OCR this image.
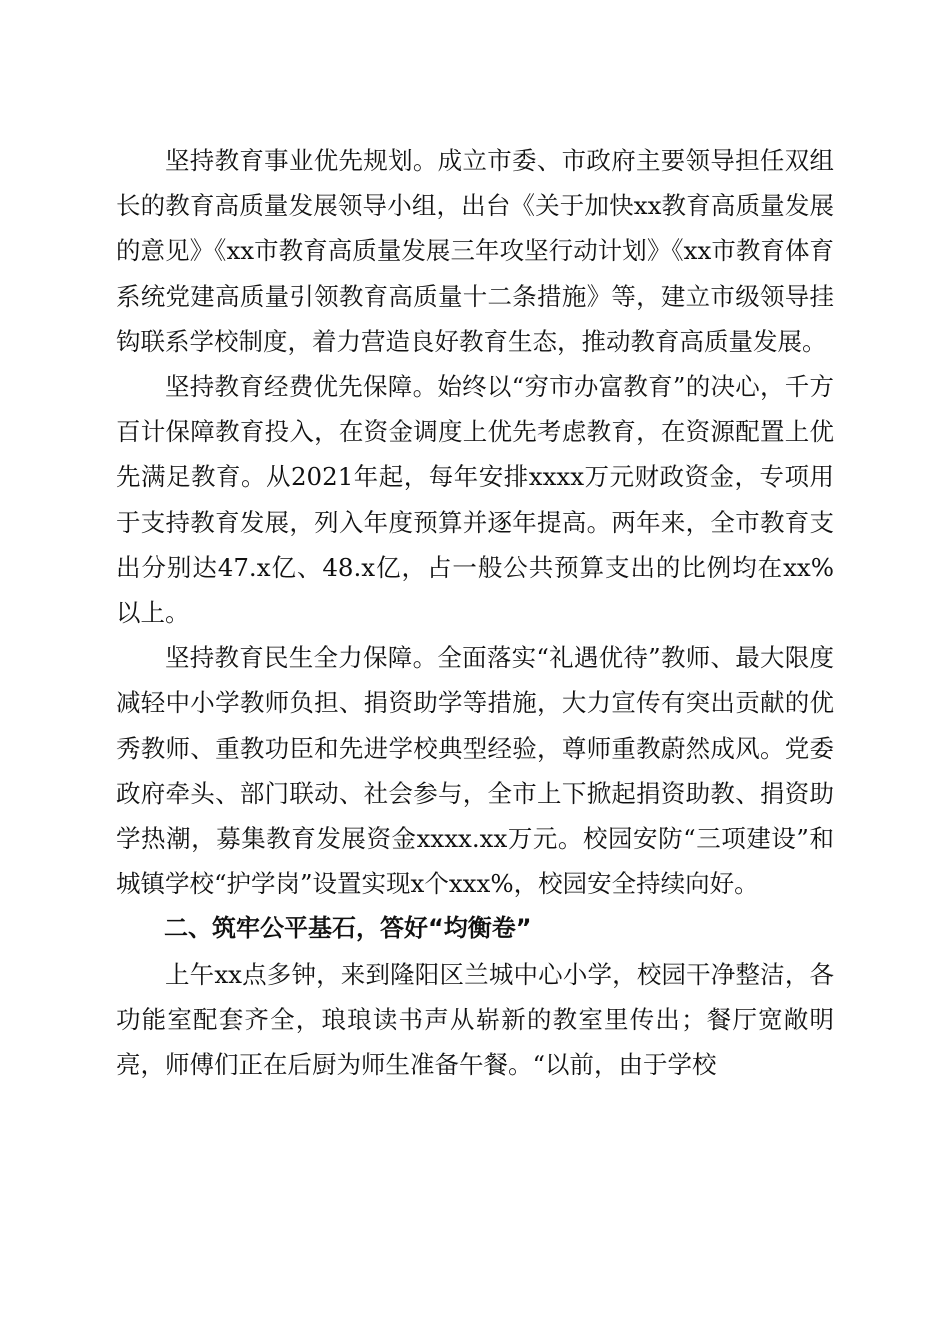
坚持教育事业优先规划。成立市委、市政府主要领导担任双组长的教育高质量发展领导小组，出台《关于加快xx教育高质量发展的意见》《xx市教育高质量发展三年攻坚行动计划》《xx市教育体育系统党建高质量引领教育高质量十二条措施》等，建立市级领导挂钩联系学校制度，着力营造良好教育生态，推动教育高质量发展。

坚持教育经费优先保障。始终以“穷市办富教育”的决心，千方百计保障教育投入，在资金调度上优先考虑教育，在资源配置上优先满足教育。从2021年起，每年安排xxxx万元财政资金，专项用于支持教育发展，列入年度预算并逐年提高。两年来，全市教育支出分别达47.x亿、48.x亿，占一般公共预算支出的比例均在xx%以上。

坚持教育民生全力保障。全面落实“礼遇优待”教师、最大限度减轻中小学教师负担、捐资助学等措施，大力宣传有突出贡献的优秀教师、重教功臣和先进学校典型经验，尊师重教蔚然成风。党委政府牵头、部门联动、社会参与，全市上下掀起捐资助教、捐资助学热潮，募集教育发展资金xxxx.xx万元。校园安防“三项建设”和城镇学校“护学岗”设置实现x个xxx%，校园安全持续向好。

二、筑牢公平基石，答好“均衡卷”

上午xx点多钟，来到隆阳区兰城中心小学，校园干净整洁，各功能室配套齐全，琅琅读书声从崭新的教室里传出；餐厅宽敞明亮，师傅们正在后厨为师生准备午餐。“以前，由于学校
